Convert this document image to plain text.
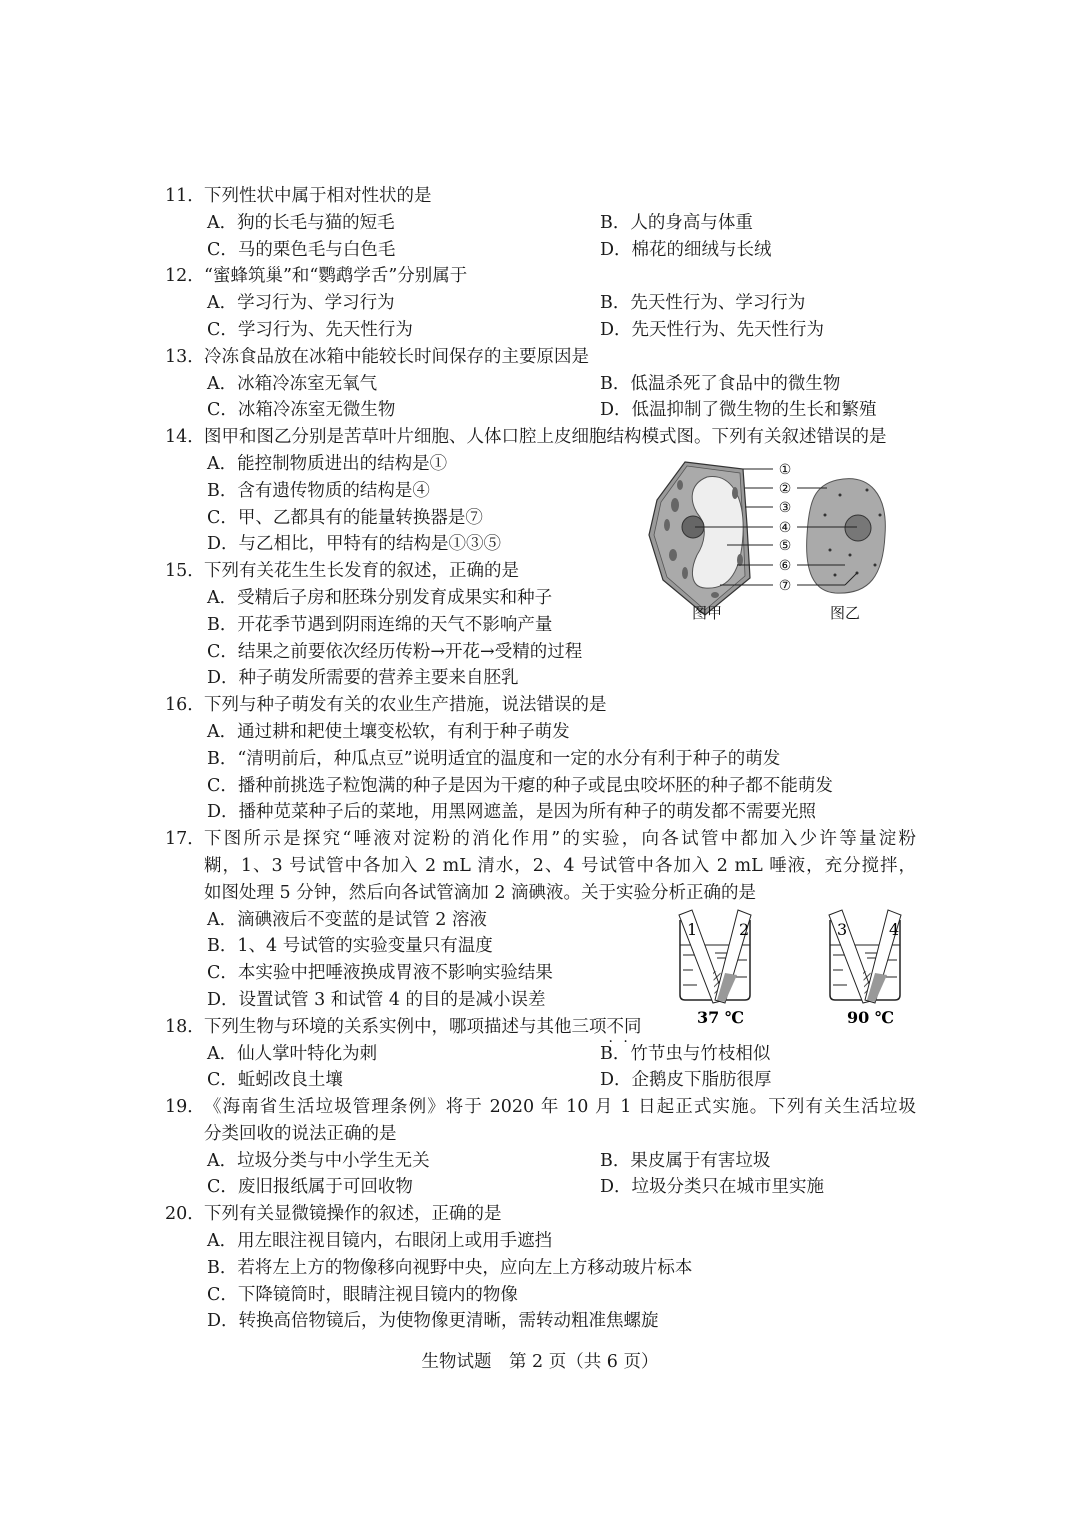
11． 下列性状中属于相对性状的是
A．狗的长毛与猫的短毛	B．人的身高与体重
C．马的栗色毛与白色毛	D．棉花的细绒与长绒
12． “蜜蜂筑巢”和“鹦鹉学舌”分别属于
A．学习行为、学习行为	B．先天性行为、学习行为
C．学习行为、先天性行为	D．先天性行为、先天性行为
13． 冷冻食品放在冰箱中能较长时间保存的主要原因是
A．冰箱冷冻室无氧气	B．低温杀死了食品中的微生物
C．冰箱冷冻室无微生物	D．低温抑制了微生物的生长和繁殖
14． 图甲和图乙分别是苦草叶片细胞、人体口腔上皮细胞结构模式图。下列有关叙述错误的是
A．能控制物质进出的结构是①
B．含有遗传物质的结构是④
C．甲、乙都具有的能量转换器是⑦
D．与乙相比，甲特有的结构是①③⑤
15． 下列有关花生生长发育的叙述，正确的是
A．受精后子房和胚珠分别发育成果实和种子
B．开花季节遇到阴雨连绵的天气不影响产量
C．结果之前要依次经历传粉→开花→受精的过程
D．种子萌发所需要的营养主要来自胚乳
16． 下列与种子萌发有关的农业生产措施，说法错误的是
A．通过耕和耙使土壤变松软，有利于种子萌发
B．“清明前后，种瓜点豆”说明适宜的温度和一定的水分有利于种子的萌发
C．播种前挑选子粒饱满的种子是因为干瘪的种子或昆虫咬坏胚的种子都不能萌发
D．播种苋菜种子后的菜地，用黑网遮盖，是因为所有种子的萌发都不需要光照
17． 下图所示是探究“唾液对淀粉的消化作用”的实验，向各试管中都加入少许等量淀粉
糊，1、3 号试管中各加入 2 mL 清水，2、4 号试管中各加入 2 mL 唾液，充分搅拌，
如图处理 5 分钟，然后向各试管滴加 2 滴碘液。关于实验分析正确的是
A．滴碘液后不变蓝的是试管 2 溶液
B．1、4 号试管的实验变量只有温度
C．本实验中把唾液换成胃液不影响实验结果
D．设置试管 3 和试管 4 的目的是减小误差
18． 下列生物与环境的关系实例中，哪项描述与其他三项不同 · ·
A．仙人掌叶特化为刺	B．竹节虫与竹枝相似
C．蚯蚓改良土壤	D．企鹅皮下脂肪很厚
19． 《海南省生活垃圾管理条例》将于 2020 年 10 月 1 日起正式实施。下列有关生活垃圾
分类回收的说法正确的是
A．垃圾分类与中小学生无关	B．果皮属于有害垃圾
C．废旧报纸属于可回收物	D．垃圾分类只在城市里实施
20． 下列有关显微镜操作的叙述，正确的是
A．用左眼注视目镜内，右眼闭上或用手遮挡
B．若将左上方的物像移向视野中央，应向左上方移动玻片标本
C．下降镜筒时，眼睛注视目镜内的物像
D．转换高倍物镜后，为使物像更清晰，需转动粗准焦螺旋
①
②
③
④
⑤
⑥
⑦
图甲	图乙
1	2
37 ℃
3	4
90 ℃
生物试题　第 2 页（共 6 页）
